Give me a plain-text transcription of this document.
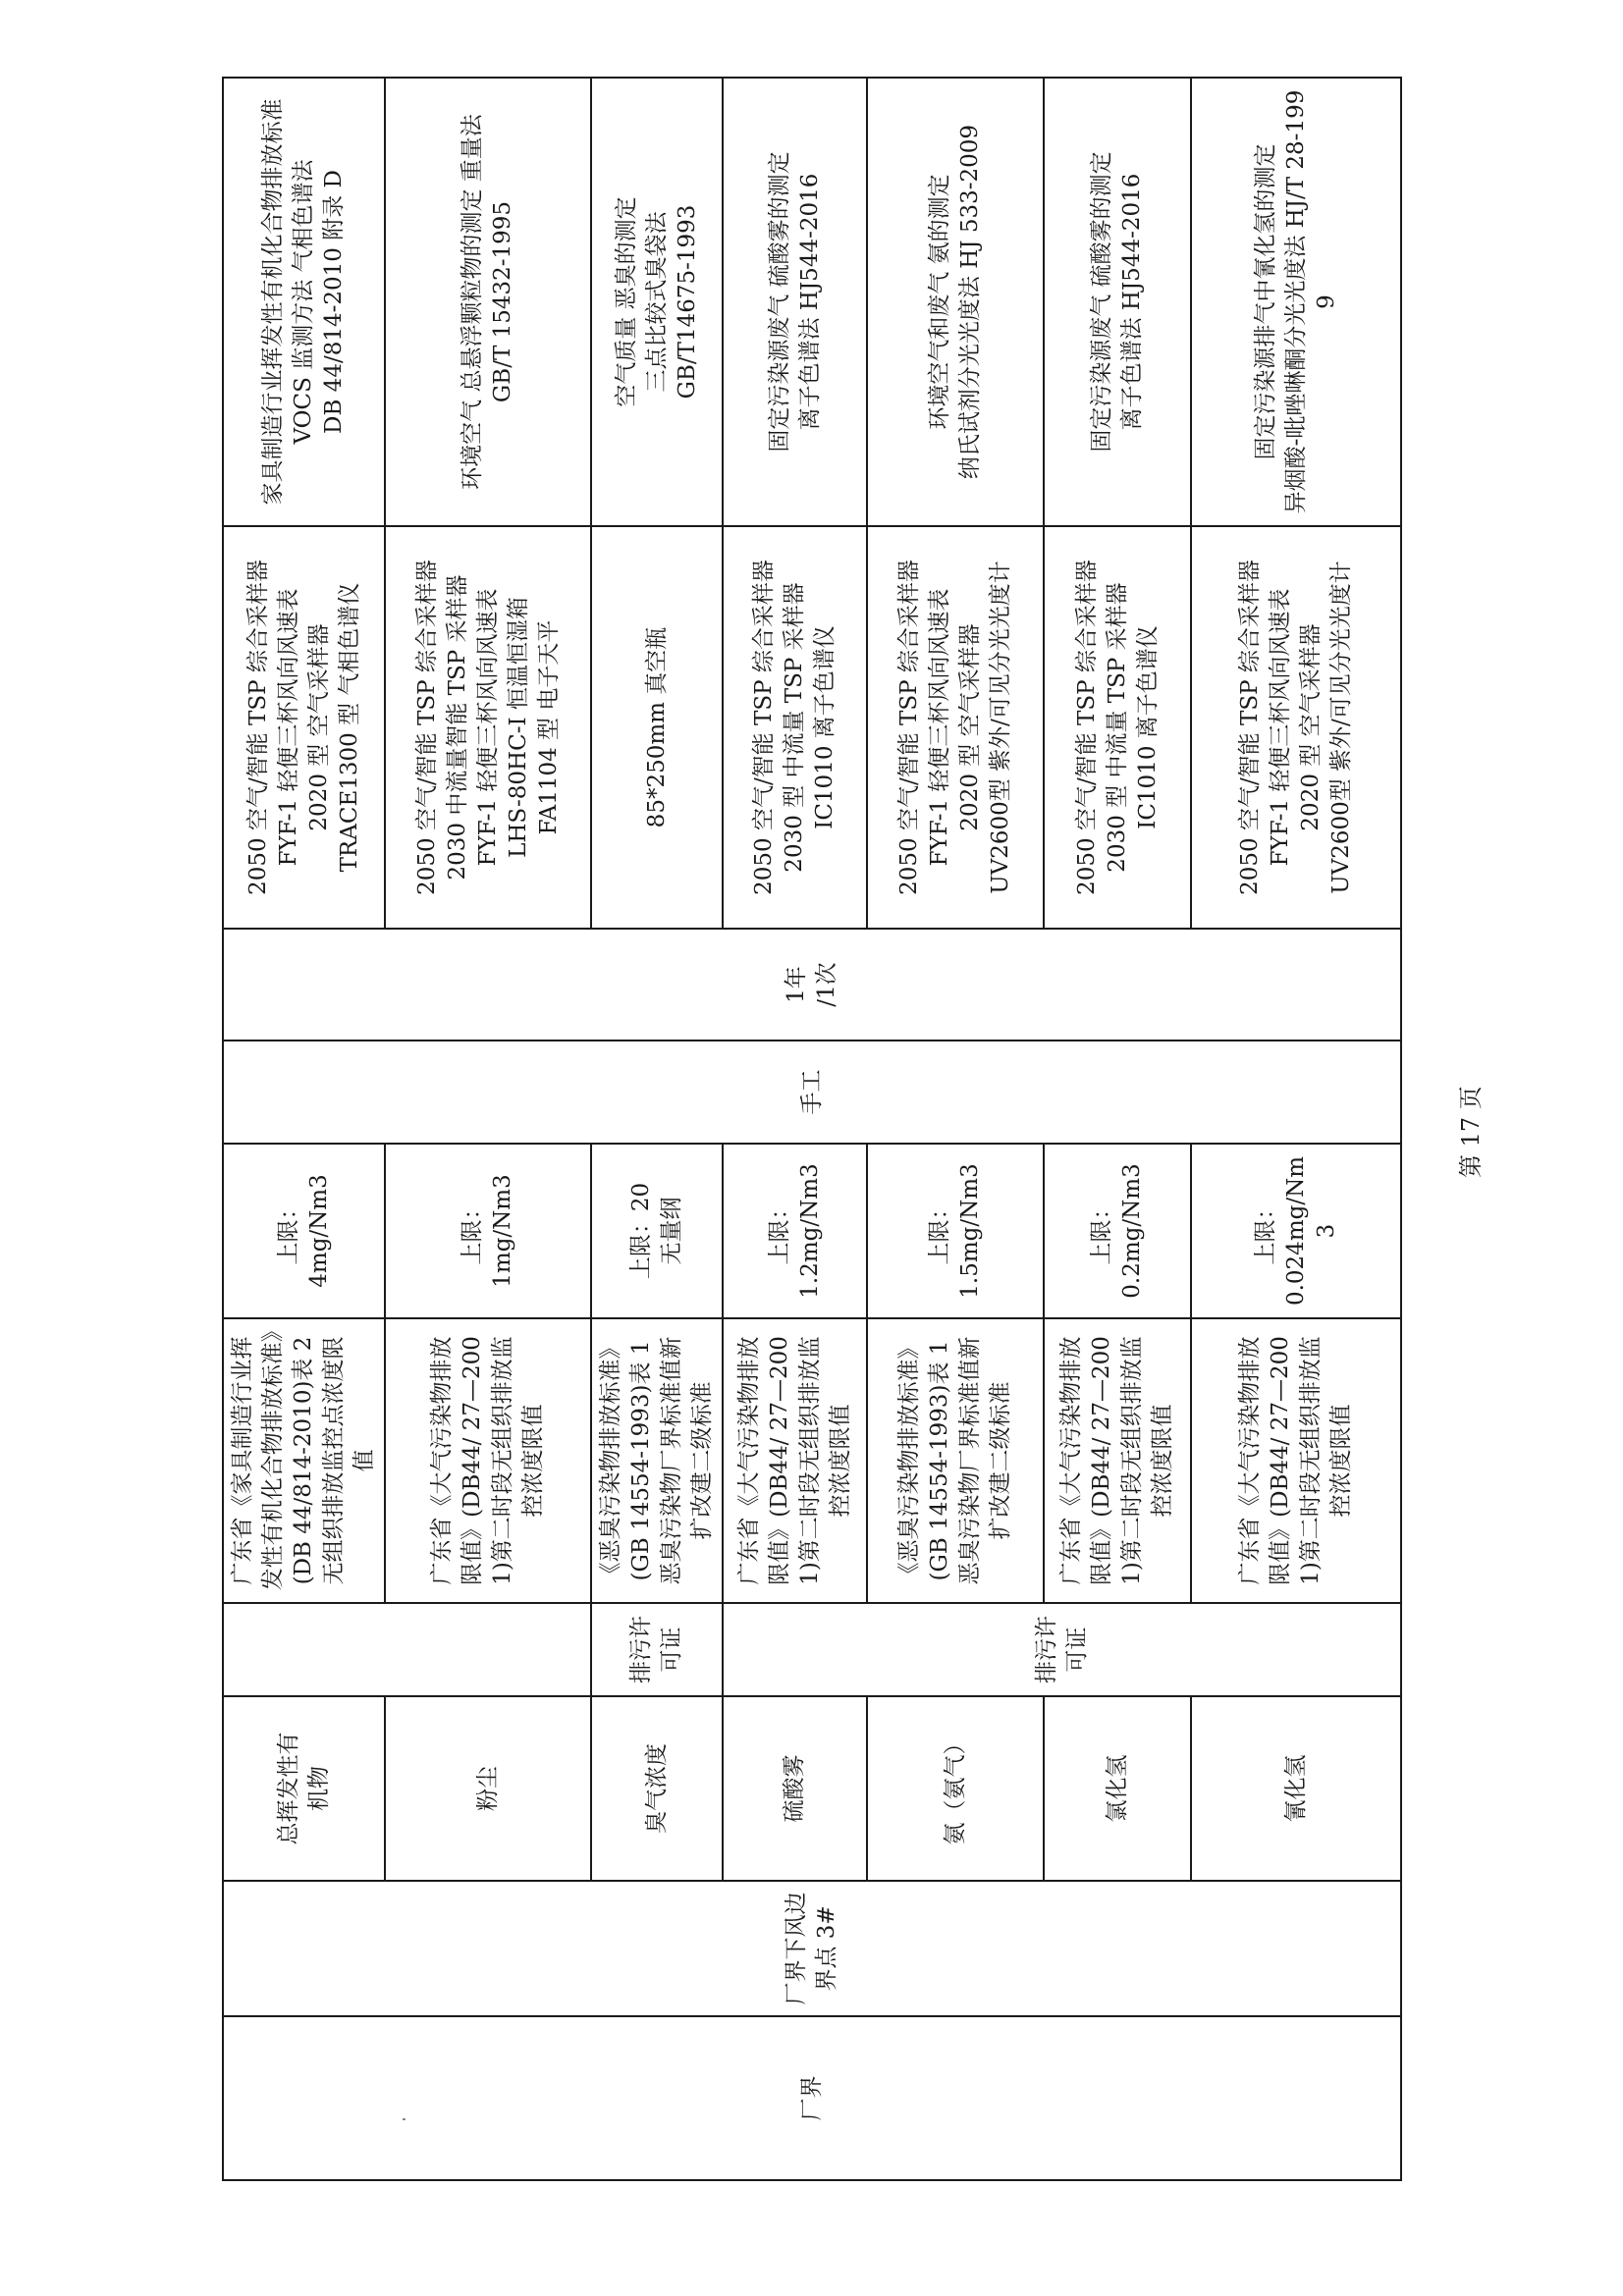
厂界	厂界下风边
界点 3#	总挥发性有
机物		广东省《家具制造行业挥发性有机化合物排放标准》(DB 44/814-2010)表 2 无组织排放监控点浓度限值	上限：
4mg/Nm3	手工	1年
/1次	2050 空气/智能 TSP 综合采样器
FYF-1 轻便三杯风向风速表
2020 型 空气采样器
TRACE1300 型 气相色谱仪	家具制造行业挥发性有机化合物排放标准
VOCS 监测方法 气相色谱法
DB 44/814-2010 附录 D

		粉尘		广东省《大气污染物排放限值》(DB44/ 27—2001)第二时段无组织排放监控浓度限值	上限：
1mg/Nm3			2050 空气/智能 TSP 综合采样器
2030 中流量智能 TSP 采样器
FYF-1 轻便三杯风向风速表
LHS-80HC-I 恒温恒湿箱
FA1104 型 电子天平	环境空气 总悬浮颗粒物的测定 重量法
GB/T 15432-1995

		臭气浓度	排污许可证	《恶臭污染物排放标准》(GB 14554-1993)表 1 恶臭污染物厂界标准值新扩改建二级标准	上限：20
无量纲			85*250mm 真空瓶	空气质量 恶臭的测定
三点比较式臭袋法
GB/T14675-1993

		硫酸雾	排污许可证	广东省《大气污染物排放限值》(DB44/ 27—2001)第二时段无组织排放监控浓度限值	上限：
1.2mg/Nm3			2050 空气/智能 TSP 综合采样器
2030 型 中流量 TSP 采样器
IC1010 离子色谱仪	固定污染源废气 硫酸雾的测定
离子色谱法 HJ544-2016

		氨（氨气）		《恶臭污染物排放标准》(GB 14554-1993)表 1 恶臭污染物厂界标准值新扩改建二级标准	上限：
1.5mg/Nm3			2050 空气/智能 TSP 综合采样器
FYF-1 轻便三杯风向风速表
2020 型 空气采样器
UV2600型 紫外/可见分光光度计	环境空气和废气 氨的测定
纳氏试剂分光光度法 HJ 533-2009

		氯化氢		广东省《大气污染物排放限值》(DB44/ 27—2001)第二时段无组织排放监控浓度限值	上限：
0.2mg/Nm3			2050 空气/智能 TSP 综合采样器
2030 型 中流量 TSP 采样器
IC1010 离子色谱仪	固定污染源废气 硫酸雾的测定
离子色谱法 HJ544-2016

		氰化氢		广东省《大气污染物排放限值》(DB44/ 27—2001)第二时段无组织排放监控浓度限值	上限：
0.024mg/Nm3			2050 空气/智能 TSP 综合采样器
FYF-1 轻便三杯风向风速表
2020 型 空气采样器
UV2600型 紫外/可见分光光度计	固定污染源排气中氰化氢的测定
异烟酸-吡唑啉酮分光光度法 HJ/T 28-1999
第 17 页
